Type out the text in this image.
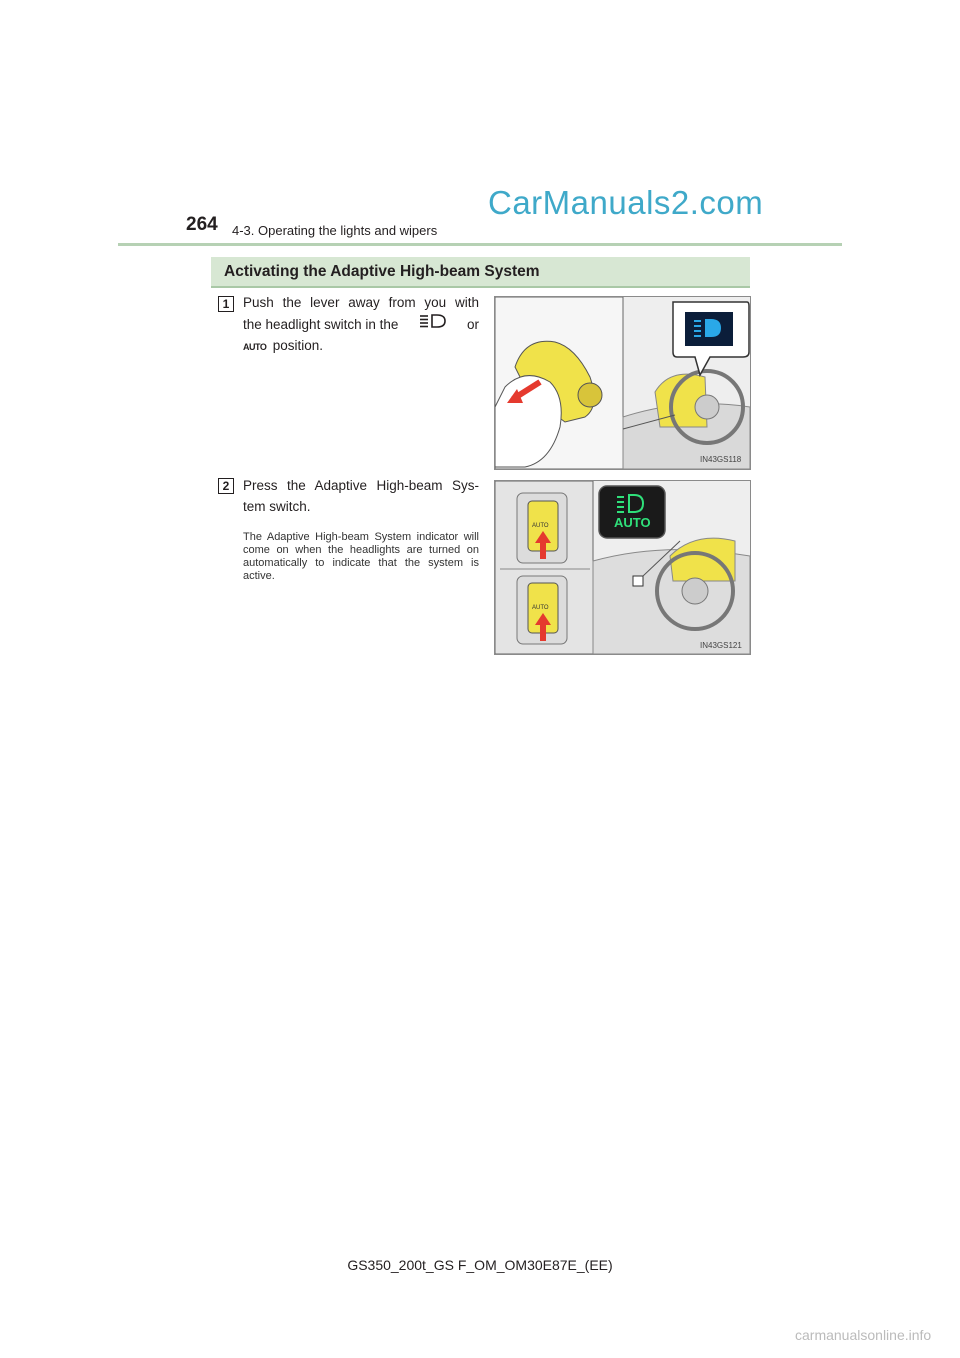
264 4-3. Operating the lights and wipers
CarManuals2.com
Activating the Adaptive High-beam System
1	Push the lever away from you with
the headlight switch in the	or
AUTO position.
IN43GS118
2	Press the Adaptive High-beam Sys-
tem switch.
The Adaptive High-beam System indicator will come on when the headlights are turned on automatically to indicate that the system is active.
AUTO
AUTO
AUTO
IN43GS121
GS350_200t_GS F_OM_OM30E87E_(EE)
carmanualsonline.info
